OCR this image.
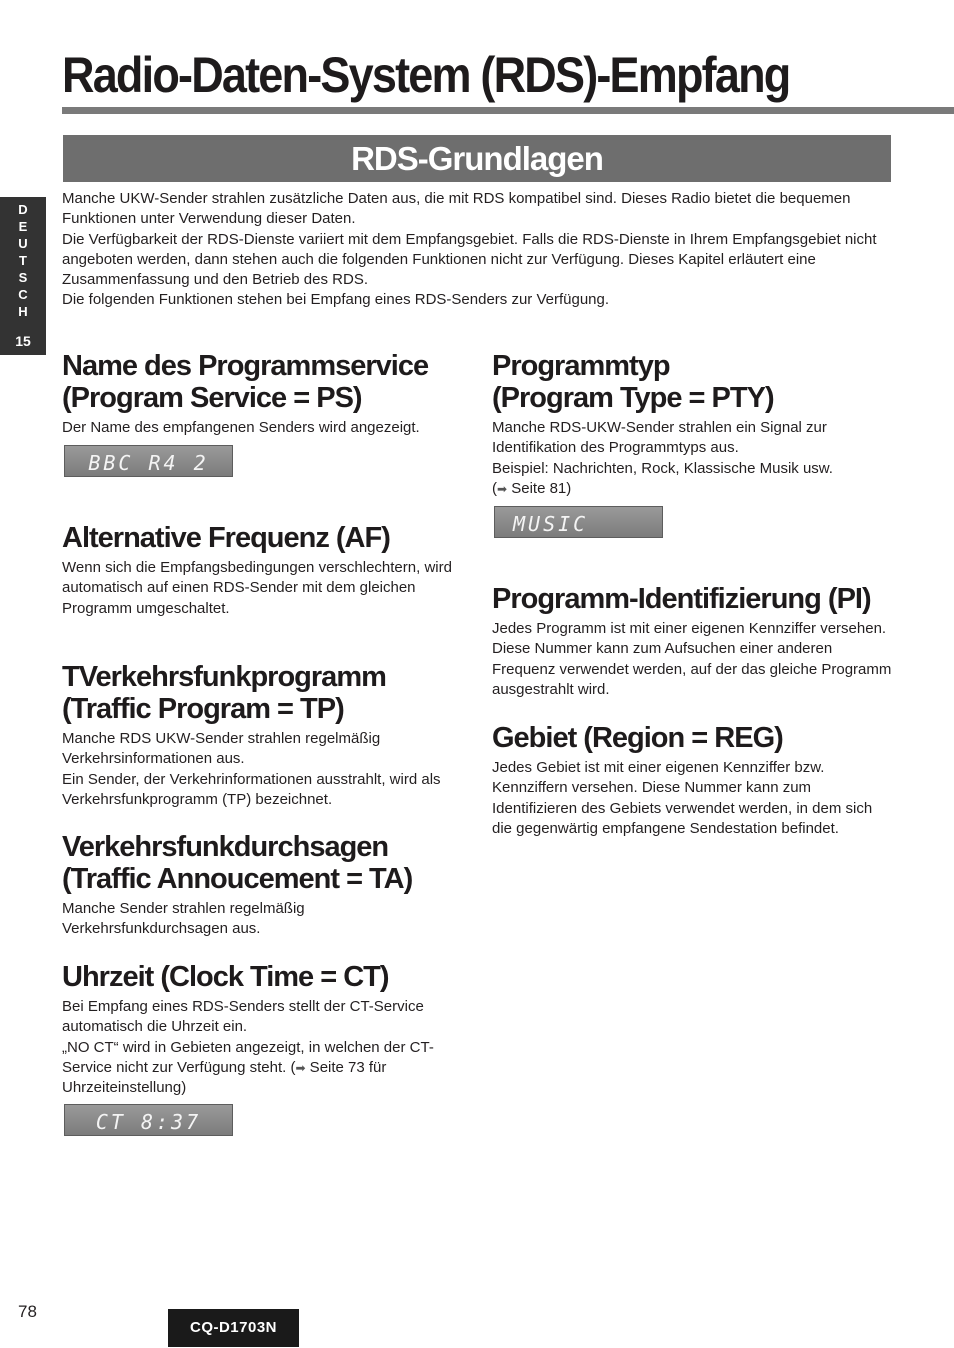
Radio-Daten-System (RDS)-Empfang
RDS-Grundlagen
D
E
U
T
S
C
H
15

Manche UKW-Sender strahlen zusätzliche Daten aus, die mit RDS kompatibel sind. Dieses Radio bietet die bequemen Funktionen unter Verwendung dieser Daten.

Die Verfügbarkeit der RDS-Dienste variiert mit dem Empfangsgebiet. Falls die RDS-Dienste in Ihrem Empfangsgebiet nicht angeboten werden, dann stehen auch die folgenden Funktionen nicht zur Verfügung. Dieses Kapitel erläutert eine Zusammenfassung und den Betrieb des RDS.

Die folgenden Funktionen stehen bei Empfang eines RDS-Senders zur Verfügung.

Name des Programmservice
(Program Service = PS)

Der Name des empfangenen Senders wird angezeigt.

BBC R4 2
Alternative Frequenz (AF)

Wenn sich die Empfangsbedingungen verschlechtern, wird automatisch auf einen RDS-Sender mit dem gleichen Programm umgeschaltet.

TVerkehrsfunkprogramm
(Traffic Program = TP)

Manche RDS UKW-Sender strahlen regelmäßig Verkehrsinformationen aus.

Ein Sender, der Verkehrinformationen ausstrahlt, wird als Verkehrsfunkprogramm (TP) bezeichnet.

Verkehrsfunkdurchsagen
(Traffic Annoucement = TA)

Manche Sender strahlen regelmäßig Verkehrsfunkdurchsagen aus.

Uhrzeit (Clock Time = CT)

Bei Empfang eines RDS-Senders stellt der CT-Service automatisch die Uhrzeit ein.

„NO CT“ wird in Gebieten angezeigt, in welchen der CT-Service nicht zur Verfügung steht. (➡ Seite 73 für Uhrzeiteinstellung)

CT 8:37
Programmtyp
(Program Type = PTY)

Manche RDS-UKW-Sender strahlen ein Signal zur Identifikation des Programmtyps aus.

Beispiel: Nachrichten, Rock, Klassische Musik usw.

(➡ Seite 81)

MUSIC
Programm-Identifizierung (PI)

Jedes Programm ist mit einer eigenen Kennziffer versehen. Diese Nummer kann zum Aufsuchen einer anderen Frequenz verwendet werden, auf der das gleiche Programm ausgestrahlt wird.

Gebiet (Region = REG)

Jedes Gebiet ist mit einer eigenen Kennziffer bzw. Kennziffern versehen. Diese Nummer kann zum Identifizieren des Gebiets verwendet werden, in dem sich die gegenwärtig empfangene Sendestation befindet.

78
CQ-D1703N
